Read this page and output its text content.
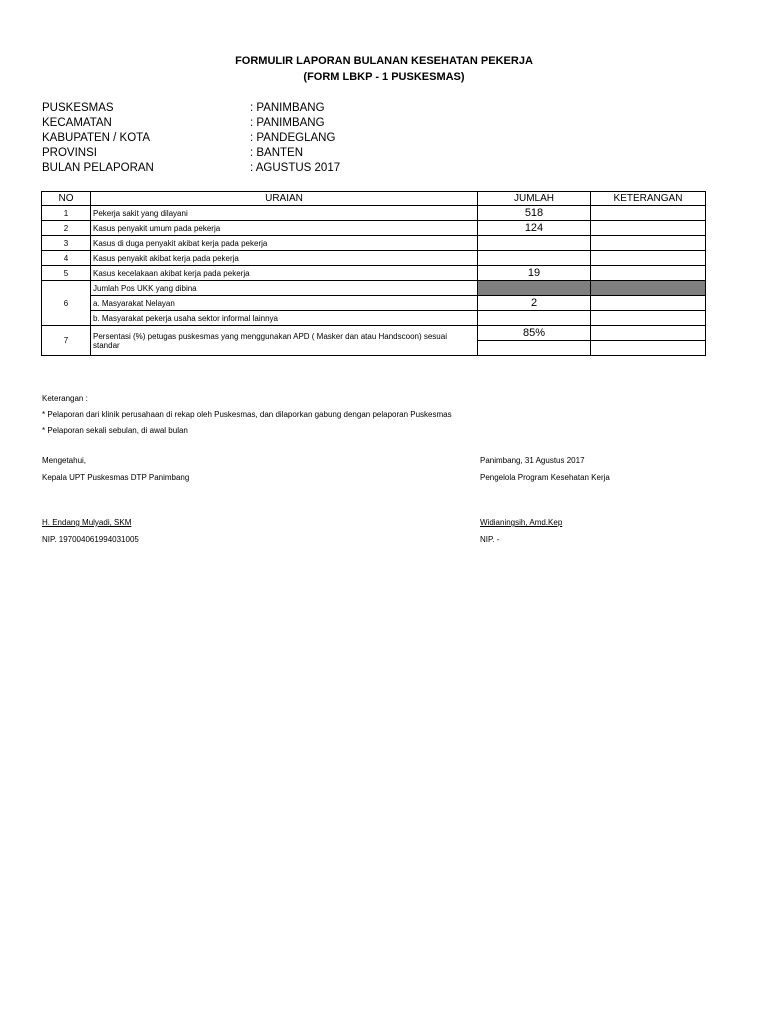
FORMULIR LAPORAN BULANAN KESEHATAN PEKERJA
(FORM LBKP - 1 PUSKESMAS)
PUSKESMAS	: PANIMBANG
KECAMATAN	: PANIMBANG
KABUPATEN / KOTA	: PANDEGLANG
PROVINSI	: BANTEN
BULAN PELAPORAN	: AGUSTUS 2017
NO	URAIAN	JUMLAH	KETERANGAN
1	Pekerja sakit yang dilayani	518	
2	Kasus penyakit umum pada pekerja	124	
3	Kasus di duga penyakit akibat kerja pada pekerja		
4	Kasus penyakit akibat kerja pada pekerja		
5	Kasus kecelakaan akibat kerja pada pekerja	19	
6	Jumlah Pos UKK yang dibina		
	a. Masyarakat Nelayan	2	
	b. Masyarakat pekerja usaha sektor informal lainnya		
7	Persentasi (%) petugas puskesmas yang menggunakan APD ( Masker dan atau Handscoon) sesuai standar	85%	

Keterangan :
* Pelaporan dari klinik perusahaan di rekap oleh Puskesmas, dan dilaporkan gabung dengan pelaporan Puskesmas
* Pelaporan sekali sebulan, di awal bulan
Mengetahui,
Kepala UPT Puskesmas DTP Panimbang
H. Endang Mulyadi, SKM
NIP. 197004061994031005
Panimbang, 31 Agustus 2017
Pengelola Program Kesehatan Kerja
Widianingsih, Amd.Kep
NIP. -
